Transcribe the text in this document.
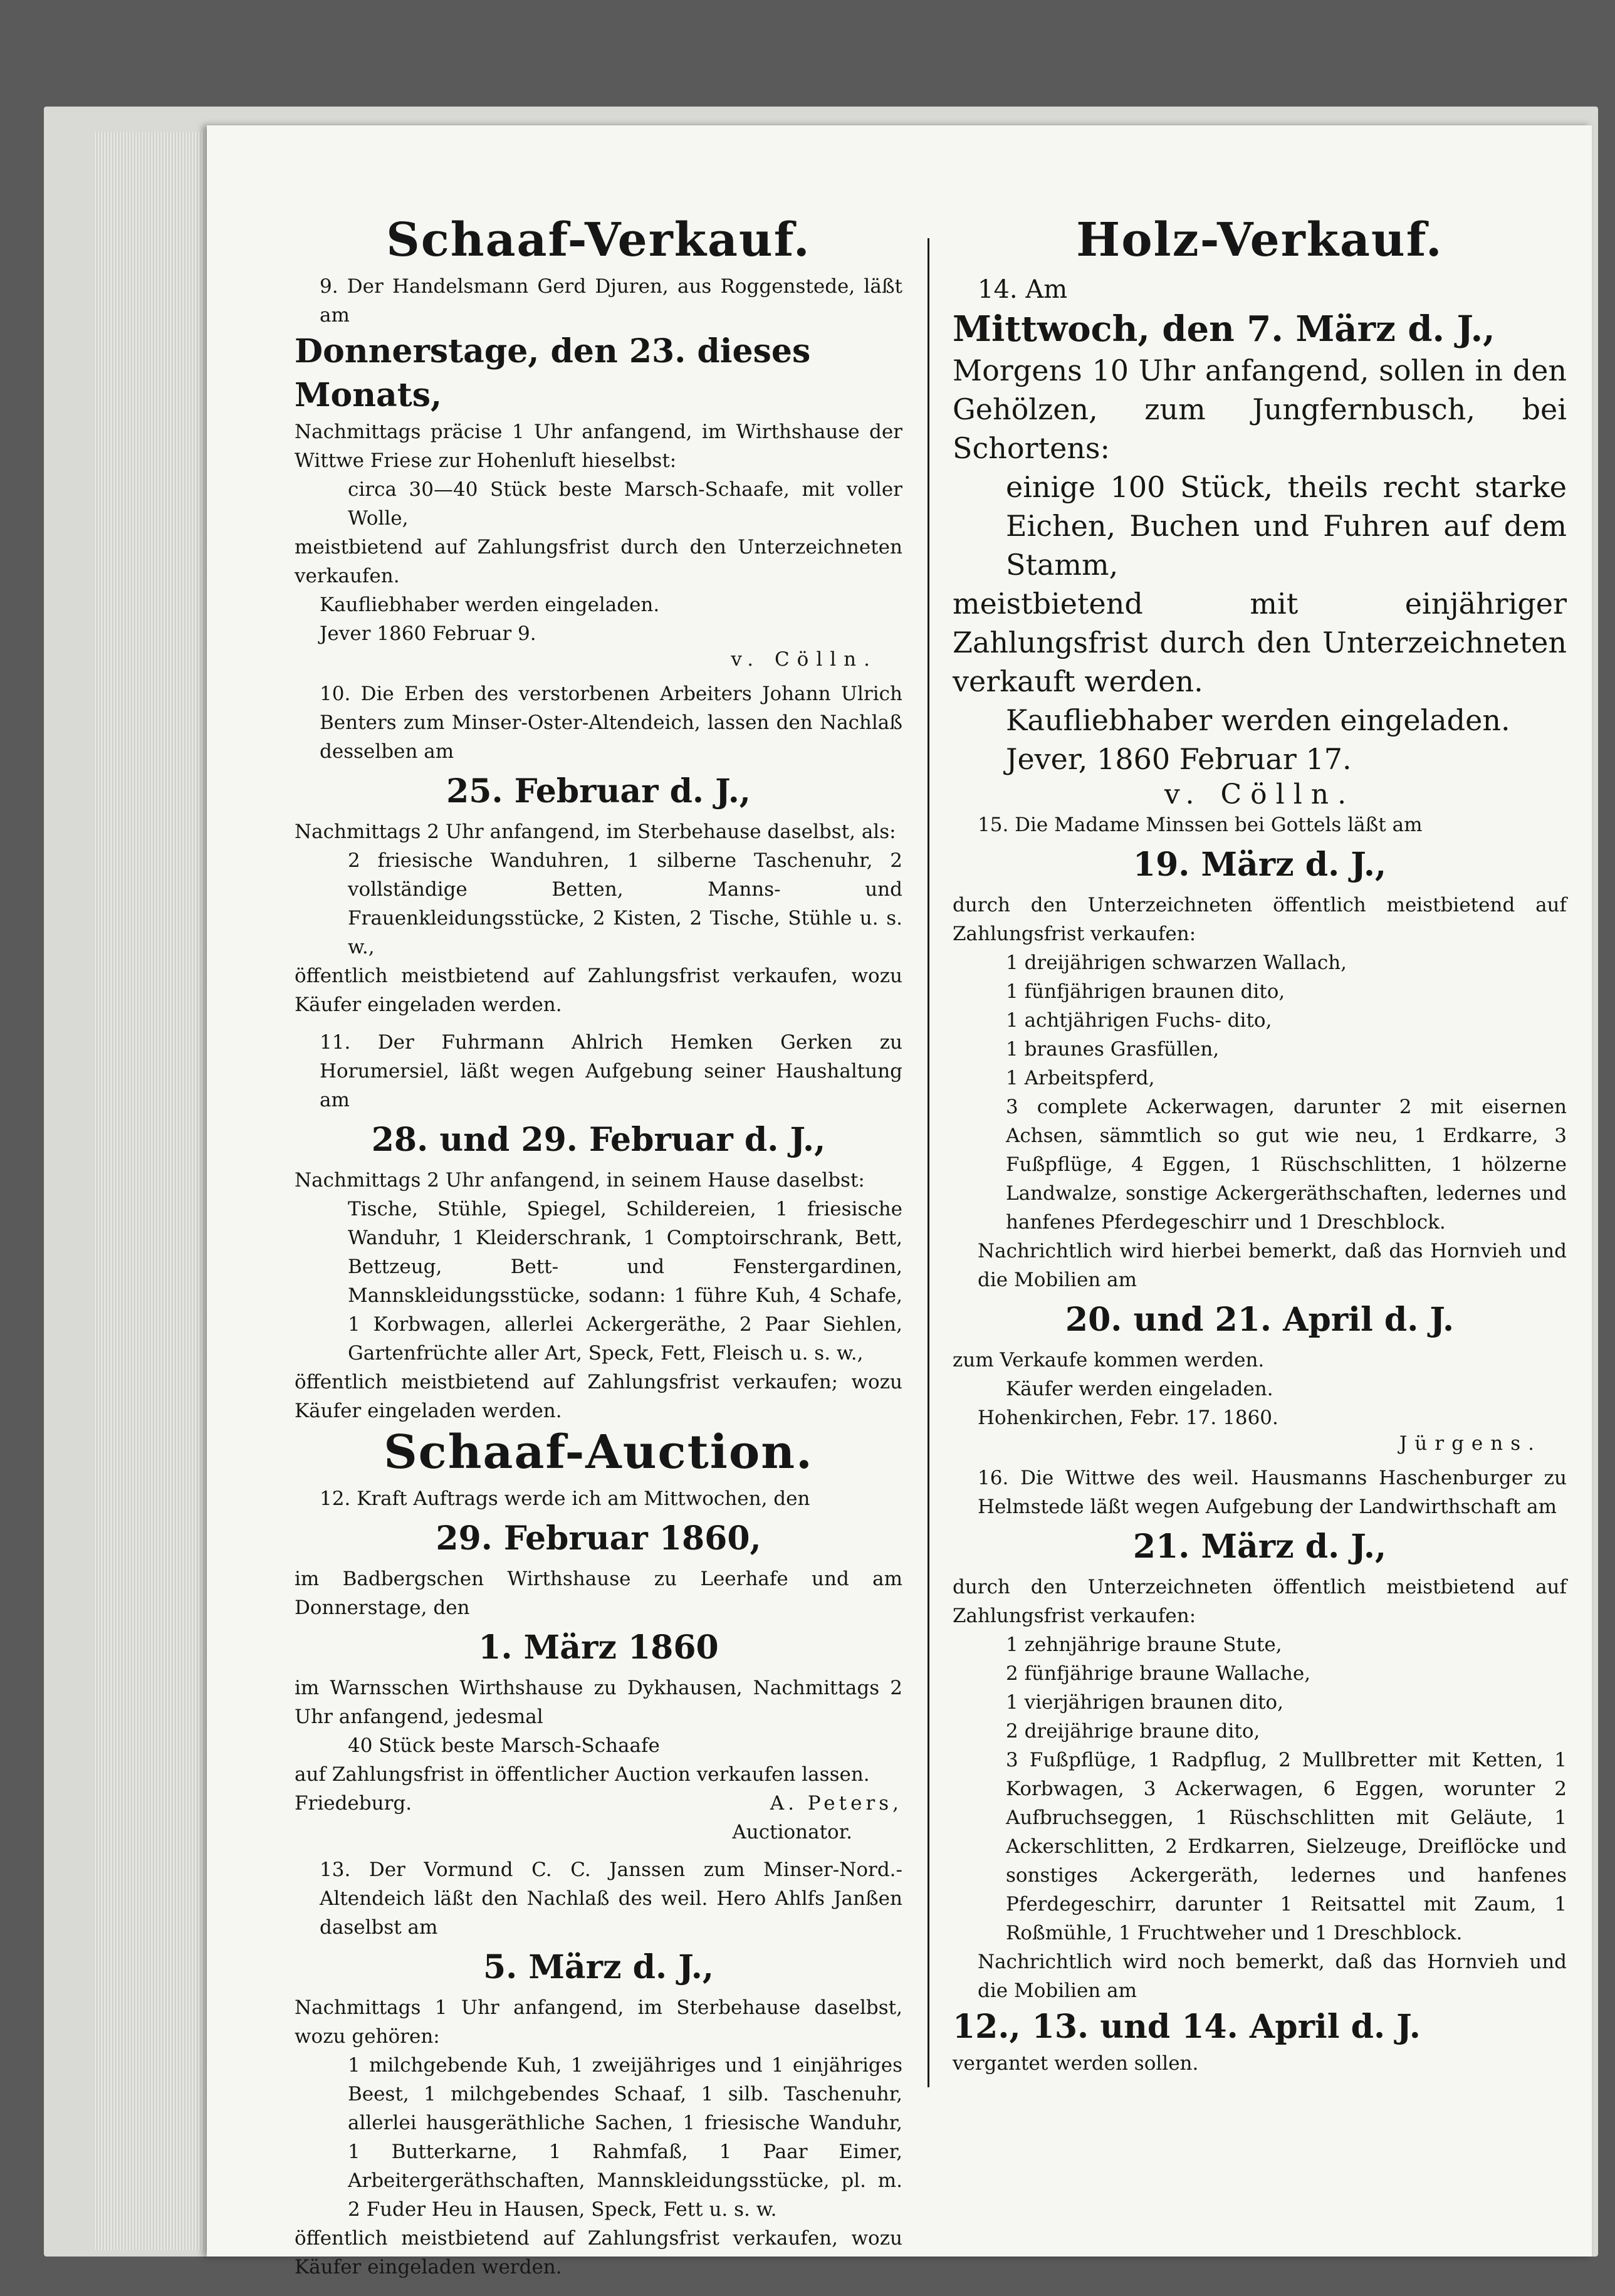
Schaaf-Verkauf.

9. Der Handelsmann Gerd Djuren, aus Roggenstede, läßt am

Donnerstage, den 23. dieses Monats,

Nachmittags präcise 1 Uhr anfangend, im Wirthshause der Wittwe Friese zur Hohenluft hieselbst:

circa 30—40 Stück beste Marsch-Schaafe, mit voller Wolle,

meistbietend auf Zahlungsfrist durch den Unterzeichneten verkaufen.

Kaufliebhaber werden eingeladen.

Jever 1860 Februar 9.

v. Cölln.

10. Die Erben des verstorbenen Arbeiters Johann Ulrich Benters zum Minser-Oster-Altendeich, lassen den Nachlaß desselben am

25. Februar d. J.,

Nachmittags 2 Uhr anfangend, im Sterbehause daselbst, als:

2 friesische Wanduhren, 1 silberne Taschenuhr, 2 vollständige Betten, Manns- und Frauenkleidungsstücke, 2 Kisten, 2 Tische, Stühle u. s. w.,

öffentlich meistbietend auf Zahlungsfrist verkaufen, wozu Käufer eingeladen werden.

11. Der Fuhrmann Ahlrich Hemken Gerken zu Horumersiel, läßt wegen Aufgebung seiner Haushaltung am

28. und 29. Februar d. J.,

Nachmittags 2 Uhr anfangend, in seinem Hause daselbst:

Tische, Stühle, Spiegel, Schildereien, 1 friesische Wanduhr, 1 Kleiderschrank, 1 Comptoirschrank, Bett, Bettzeug, Bett- und Fenstergardinen, Mannskleidungsstücke, sodann: 1 führe Kuh, 4 Schafe, 1 Korbwagen, allerlei Ackergeräthe, 2 Paar Siehlen, Gartenfrüchte aller Art, Speck, Fett, Fleisch u. s. w.,

öffentlich meistbietend auf Zahlungsfrist verkaufen; wozu Käufer eingeladen werden.

Schaaf-Auction.

12. Kraft Auftrags werde ich am Mittwochen, den

29. Februar 1860,

im Badbergschen Wirthshause zu Leerhafe und am Donnerstage, den

1. März 1860

im Warnsschen Wirthshause zu Dykhausen, Nachmittags 2 Uhr anfangend, jedesmal

40 Stück beste Marsch-Schaafe

auf Zahlungsfrist in öffentlicher Auction verkaufen lassen.

Friedeburg.	A. Peters,

Auctionator.

13. Der Vormund C. C. Janssen zum Minser-Nord.-Altendeich läßt den Nachlaß des weil. Hero Ahlfs Janßen daselbst am

5. März d. J.,

Nachmittags 1 Uhr anfangend, im Sterbehause daselbst, wozu gehören:

1 milchgebende Kuh, 1 zweijähriges und 1 einjähriges Beest, 1 milchgebendes Schaaf, 1 silb. Taschenuhr, allerlei hausgeräthliche Sachen, 1 friesische Wanduhr, 1 Butterkarne, 1 Rahmfaß, 1 Paar Eimer, Arbeitergeräthschaften, Mannskleidungsstücke, pl. m. 2 Fuder Heu in Hausen, Speck, Fett u. s. w.

öffentlich meistbietend auf Zahlungsfrist verkaufen, wozu Käufer eingeladen werden.

Holz-Verkauf.

14. Am

Mittwoch, den 7. März d. J.,

Morgens 10 Uhr anfangend, sollen in den Gehölzen, zum Jungfernbusch, bei Schortens:

einige 100 Stück, theils recht starke Eichen, Buchen und Fuhren auf dem Stamm,

meistbietend mit einjähriger Zahlungsfrist durch den Unterzeichneten verkauft werden.

Kaufliebhaber werden eingeladen.

Jever, 1860 Februar 17.

v. Cölln.

15. Die Madame Minssen bei Gottels läßt am

19. März d. J.,

durch den Unterzeichneten öffentlich meistbietend auf Zahlungsfrist verkaufen:

1 dreijährigen schwarzen Wallach,

1 fünfjährigen braunen dito,

1 achtjährigen Fuchs- dito,

1 braunes Grasfüllen,

1 Arbeitspferd,

3 complete Ackerwagen, darunter 2 mit eisernen Achsen, sämmtlich so gut wie neu, 1 Erdkarre, 3 Fußpflüge, 4 Eggen, 1 Rüschschlitten, 1 hölzerne Landwalze, sonstige Ackergeräthschaften, ledernes und hanfenes Pferdegeschirr und 1 Dreschblock.

Nachrichtlich wird hierbei bemerkt, daß das Hornvieh und die Mobilien am

20. und 21. April d. J.

zum Verkaufe kommen werden.

Käufer werden eingeladen.

Hohenkirchen, Febr. 17. 1860.

Jürgens.

16. Die Wittwe des weil. Hausmanns Haschenburger zu Helmstede läßt wegen Aufgebung der Landwirthschaft am

21. März d. J.,

durch den Unterzeichneten öffentlich meistbietend auf Zahlungsfrist verkaufen:

1 zehnjährige braune Stute,

2 fünfjährige braune Wallache,

1 vierjährigen braunen dito,

2 dreijährige braune dito,

3 Fußpflüge, 1 Radpflug, 2 Mullbretter mit Ketten, 1 Korbwagen, 3 Ackerwagen, 6 Eggen, worunter 2 Aufbruchseggen, 1 Rüschschlitten mit Geläute, 1 Ackerschlitten, 2 Erdkarren, Sielzeuge, Dreiflöcke und sonstiges Ackergeräth, ledernes und hanfenes Pferdegeschirr, darunter 1 Reitsattel mit Zaum, 1 Roßmühle, 1 Fruchtweher und 1 Dreschblock.

Nachrichtlich wird noch bemerkt, daß das Hornvieh und die Mobilien am

12., 13. und 14. April d. J.

vergantet werden sollen.
